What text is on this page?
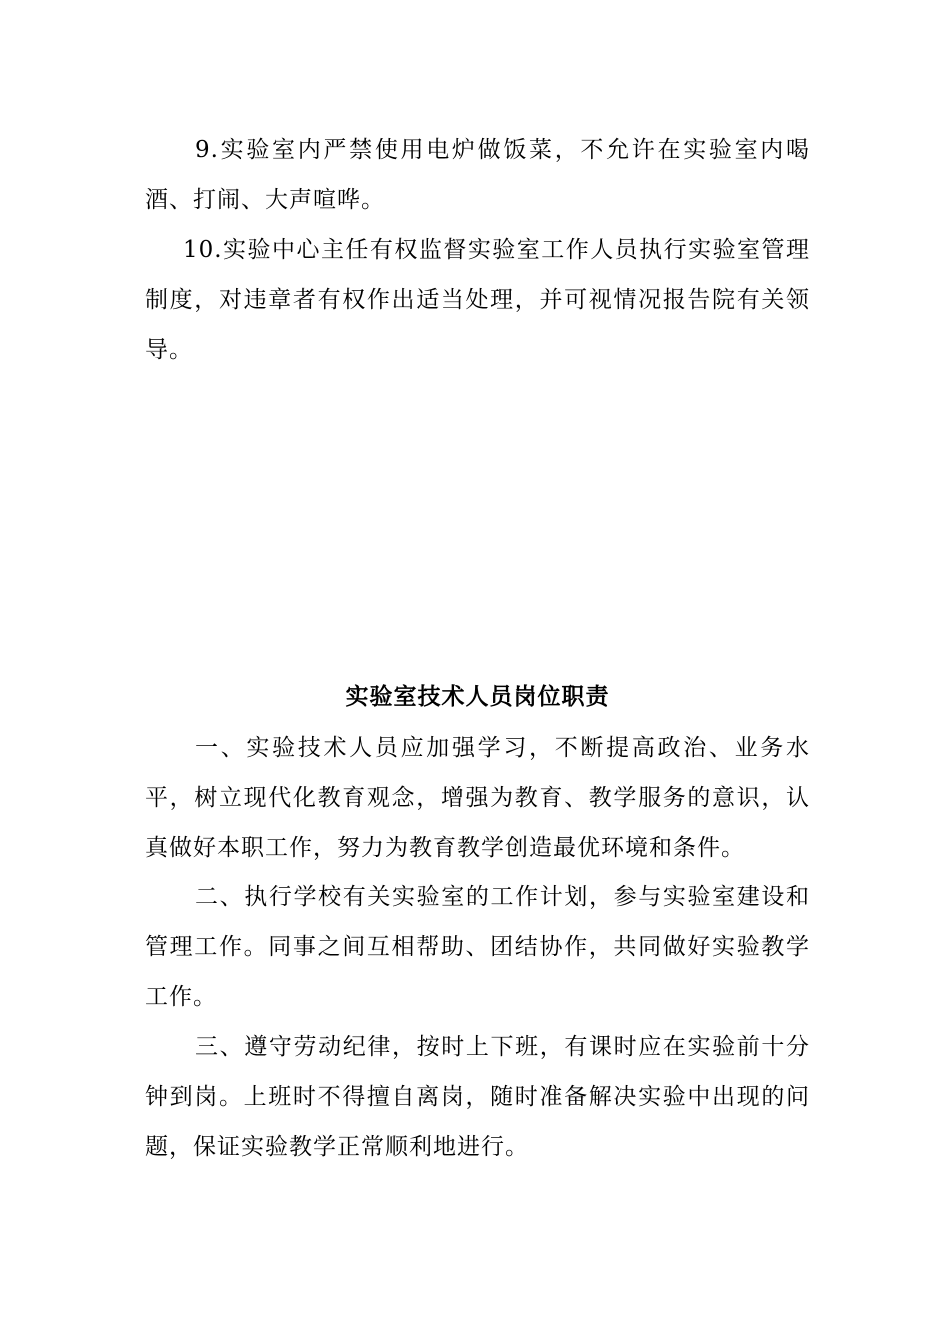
9.实验室内严禁使用电炉做饭菜，不允许在实验室内喝酒、打闹、大声喧哗。

10.实验中心主任有权监督实验室工作人员执行实验室管理制度，对违章者有权作出适当处理，并可视情况报告院有关领导。

实验室技术人员岗位职责

一、实验技术人员应加强学习，不断提高政治、业务水平，树立现代化教育观念，增强为教育、教学服务的意识，认真做好本职工作，努力为教育教学创造最优环境和条件。

二、执行学校有关实验室的工作计划，参与实验室建设和管理工作。同事之间互相帮助、团结协作，共同做好实验教学工作。

三、遵守劳动纪律，按时上下班，有课时应在实验前十分钟到岗。上班时不得擅自离岗，随时准备解决实验中出现的问题，保证实验教学正常顺利地进行。
